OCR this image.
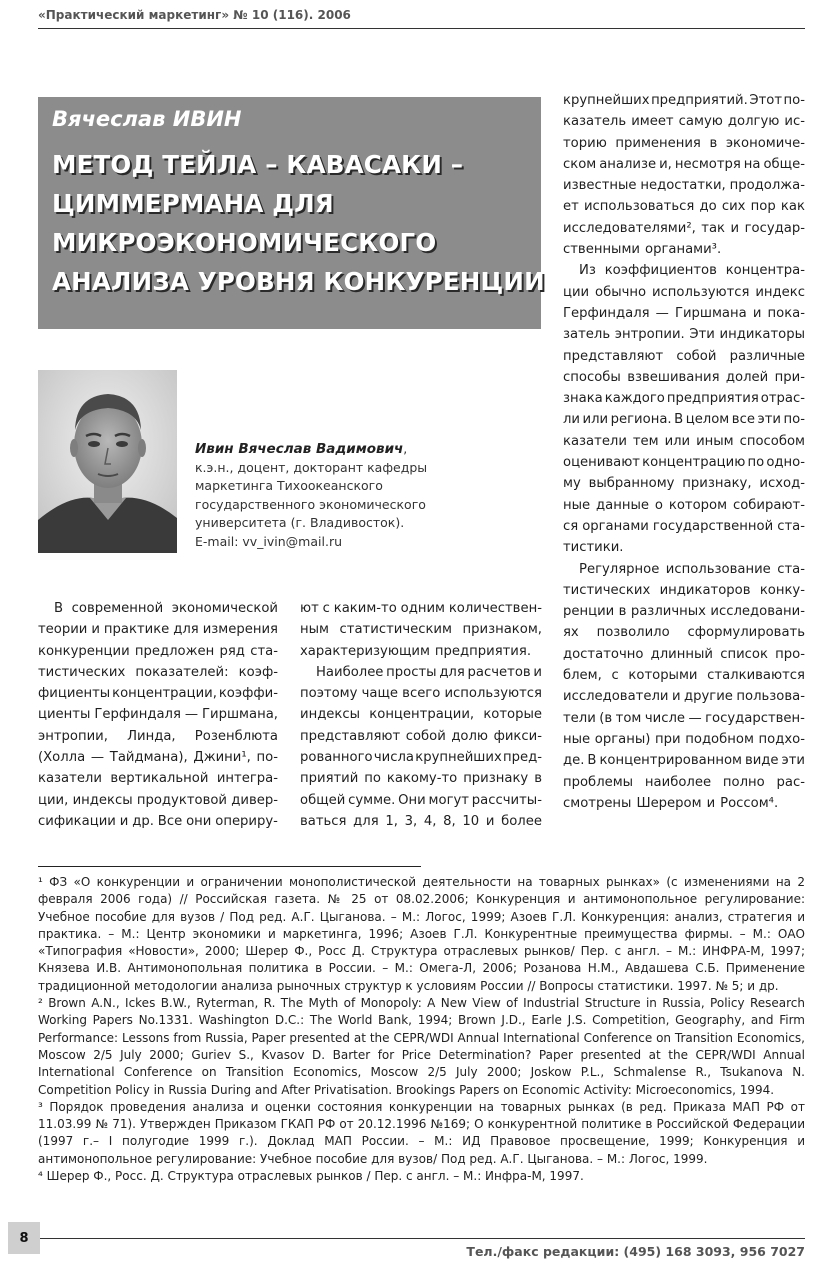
«Практический маркетинг» № 10 (116). 2006
Вячеслав ИВИН
МЕТОД ТЕЙЛА – КАВАСАКИ –
ЦИММЕРМАНА ДЛЯ
МИКРОЭКОНОМИЧЕСКОГО
АНАЛИЗА УРОВНЯ КОНКУРЕНЦИИ
Ивин Вячеслав Вадимович,
к.э.н., доцент, докторант кафедры
маркетинга Тихоокеанского
государственного экономического
университета (г. Владивосток).
E-mail: vv_ivin@mail.ru
В современной экономической
теории и практике для измерения
конкуренции предложен ряд ста-
тистических показателей: коэф-
фициенты концентрации, коэффи-
циенты Герфиндаля — Гиршмана,
энтропии, Линда, Розенблюта
(Холла — Тайдмана), Джини¹, по-
казатели вертикальной интегра-
ции, индексы продуктовой дивер-
сификации и др. Все они опериру-
ют с каким-то одним количествен-
ным статистическим признаком,
характеризующим предприятия.
Наиболее просты для расчетов и
поэтому чаще всего используются
индексы концентрации, которые
представляют собой долю фикси-
рованного числа крупнейших пред-
приятий по какому-то признаку в
общей сумме. Они могут рассчиты-
ваться для 1, 3, 4, 8, 10 и более
крупнейших предприятий. Этот по-
казатель имеет самую долгую ис-
торию применения в экономиче-
ском анализе и, несмотря на обще-
известные недостатки, продолжа-
ет использоваться до сих пор как
исследователями², так и государ-
ственными органами³.
Из коэффициентов концентра-
ции обычно используются индекс
Герфиндаля — Гиршмана и пока-
затель энтропии. Эти индикаторы
представляют собой различные
способы взвешивания долей при-
знака каждого предприятия отрас-
ли или региона. В целом все эти по-
казатели тем или иным способом
оценивают концентрацию по одно-
му выбранному признаку, исход-
ные данные о котором собирают-
ся органами государственной ста-
тистики.
Регулярное использование ста-
тистических индикаторов конку-
ренции в различных исследовани-
ях позволило сформулировать
достаточно длинный список про-
блем, с которыми сталкиваются
исследователи и другие пользова-
тели (в том числе — государствен-
ные органы) при подобном подхо-
де. В концентрированном виде эти
проблемы наиболее полно рас-
смотрены Шерером и Россом⁴.

¹ ФЗ «О конкуренции и ограничении монополистической деятельности на товарных рынках» (с изменениями на 2 февраля 2006 года) // Российская газета. № 25 от 08.02.2006; Конкуренция и антимонопольное регулирование: Учебное пособие для вузов / Под ред. А.Г. Цыганова. – М.: Логос, 1999; Азоев Г.Л. Конкуренция: анализ, стратегия и практика. – М.: Центр экономики и маркетинга, 1996; Азоев Г.Л. Конкурентные преимущества фирмы. – М.: ОАО «Типография «Новости», 2000; Шерер Ф., Росс Д. Структура отраслевых рынков/ Пер. с англ. – М.: ИНФРА-М, 1997; Князева И.В. Антимонопольная политика в России. – М.: Омега-Л, 2006; Розанова Н.М., Авдашева С.Б. Применение традиционной методологии анализа рыночных структур к условиям России // Вопросы статистики. 1997. № 5; и др.

² Brown A.N., Ickes B.W., Ryterman, R. The Myth of Monopoly: A New View of Industrial Structure in Russia, Policy Research Working Papers No.1331. Washington D.C.: The World Bank, 1994; Brown J.D., Earle J.S. Competition, Geography, and Firm Performance: Lessons from Russia, Paper presented at the CEPR/WDI Annual International Conference on Transition Economics, Moscow 2/5 July 2000; Guriev S., Kvasov D. Barter for Price Determination? Paper presented at the CEPR/WDI Annual International Conference on Transition Economics, Moscow 2/5 July 2000; Joskow P.L., Schmalense R., Tsukanova N. Competition Policy in Russia During and After Privatisation. Brookings Papers on Economic Activity: Microeconomics, 1994.

³ Порядок проведения анализа и оценки состояния конкуренции на товарных рынках (в ред. Приказа МАП РФ от 11.03.99 № 71). Утвержден Приказом ГКАП РФ от 20.12.1996 №169; О конкурентной политике в Российской Федерации (1997 г.– I полугодие 1999 г.). Доклад МАП России. – М.: ИД Правовое просвещение, 1999; Конкуренция и антимонопольное регулирование: Учебное пособие для вузов/ Под ред. А.Г. Цыганова. – М.: Логос, 1999.

⁴ Шерер Ф., Росс. Д. Структура отраслевых рынков / Пер. с англ. – М.: Инфра-М, 1997.

8
Тел./факс редакции: (495) 168 3093, 956 7027
